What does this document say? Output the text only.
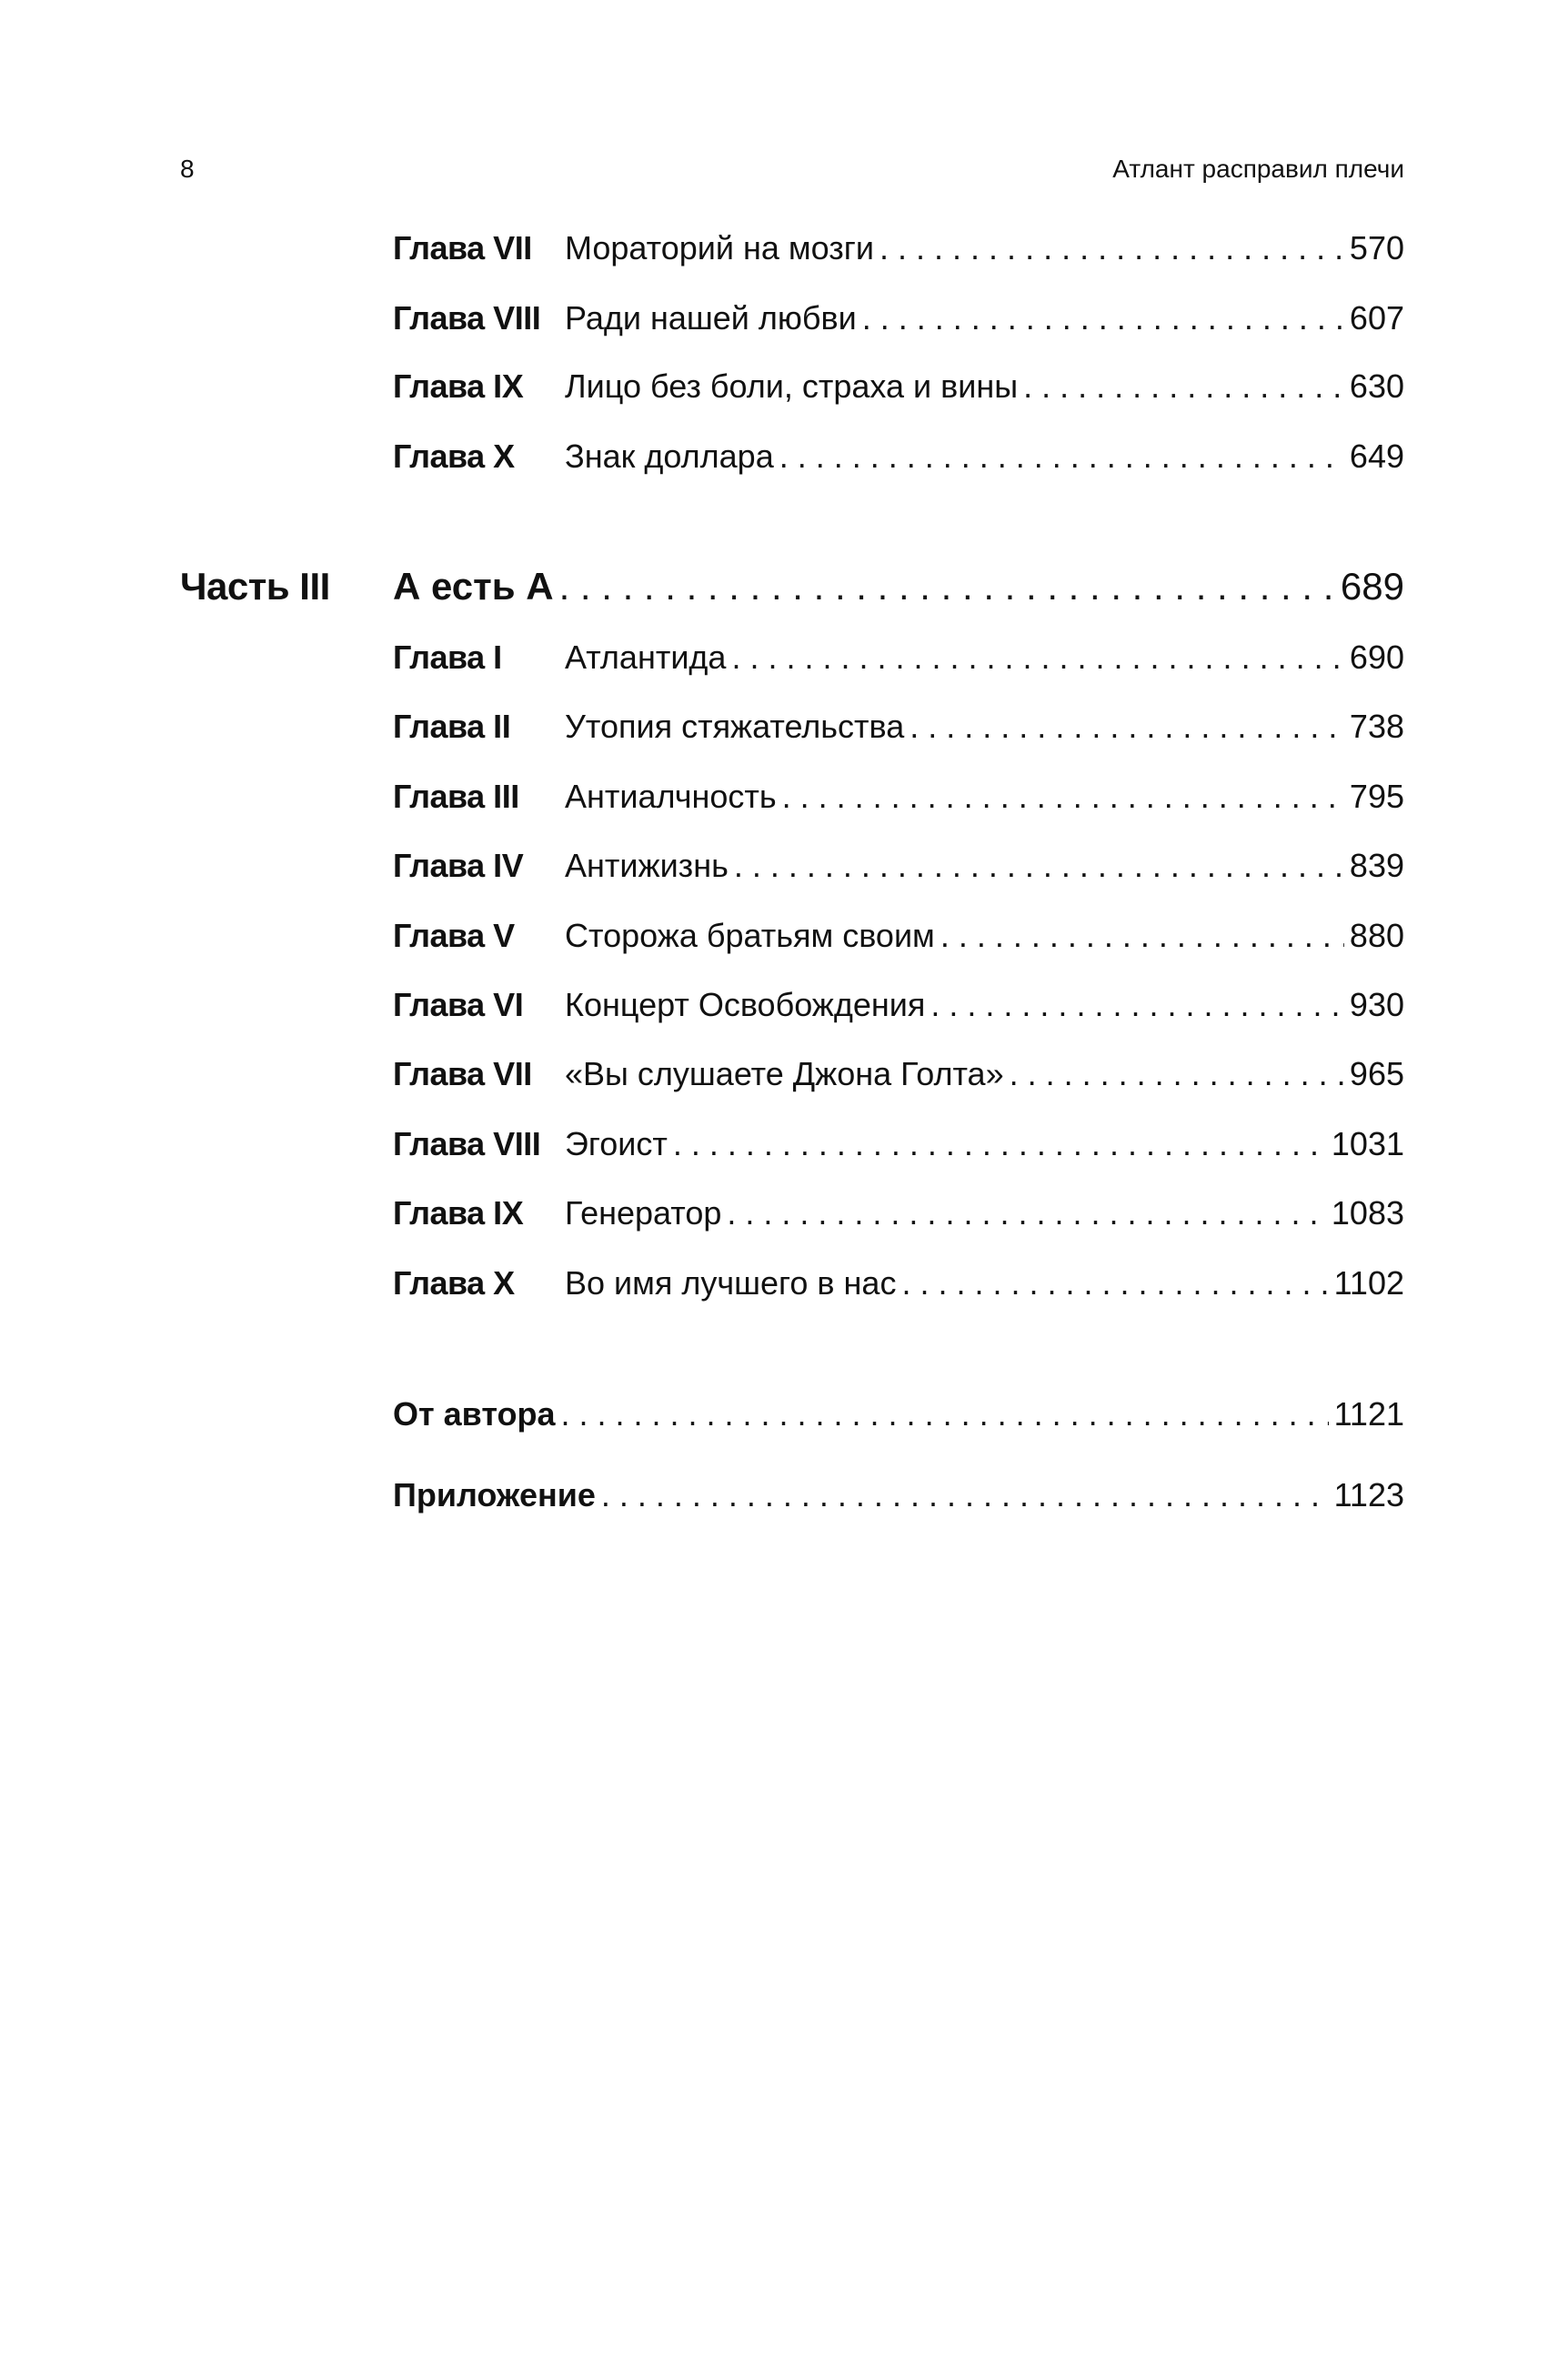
8	Атлант расправил плечи
Глава VII	Мораторий на мозги . . .	570
Глава VIII Ради нашей любви . . .	607
Глава IX	Лицо без боли, страха и вины . . .	630
Глава X	Знак доллара . . .	649
Часть III	А есть А . . .	689
Глава I	Атлантида . . .	690
Глава II	Утопия стяжательства . . .	738
Глава III	Антиалчность . . .	795
Глава IV	Антижизнь . . .	839
Глава V	Сторожа братьям своим . . .	880
Глава VI	Концерт Освобождения . . .	930
Глава VII	«Вы слушаете Джона Голта» . . .	965
Глава VIII Эгоист . . .	1031
Глава IX	Генератор . . .	1083
Глава X	Во имя лучшего в нас . . .	1102
От автора . . .	1121
Приложение . . .	1123
